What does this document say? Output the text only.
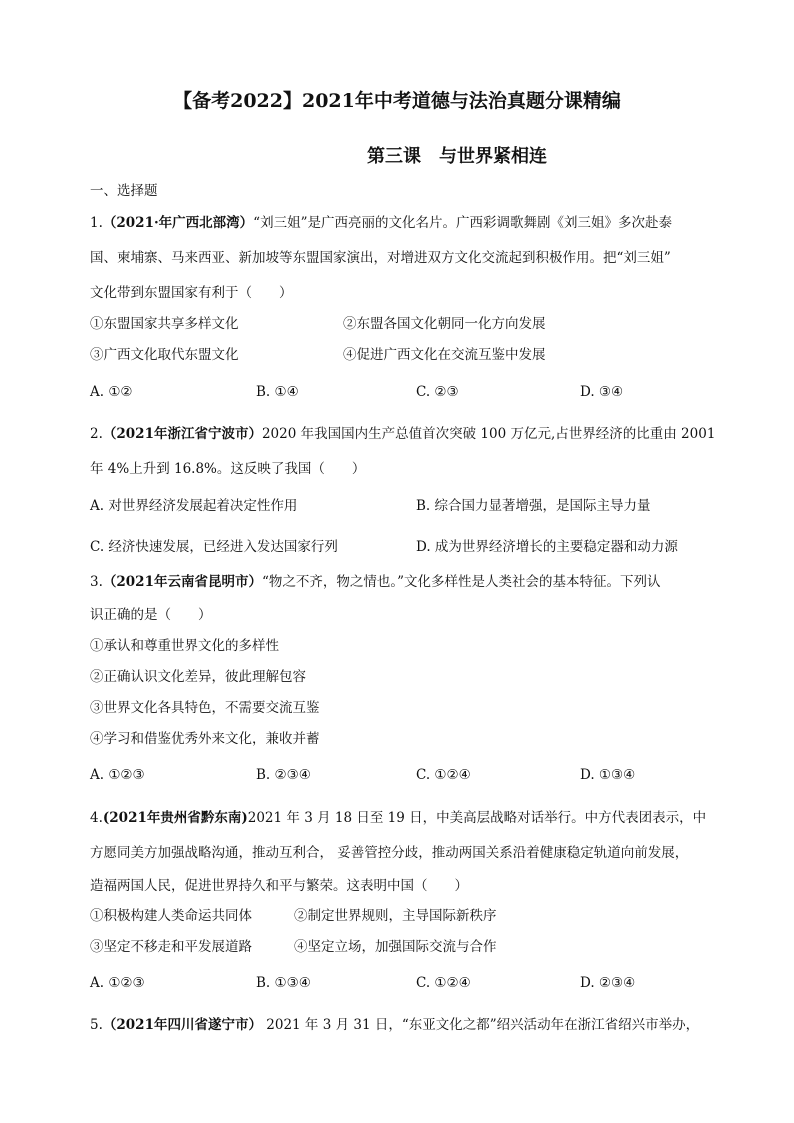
【备考2022】2021年中考道德与法治真题分课精编
第三课　与世界紧相连
一、选择题
1.（2021·年广西北部湾）“刘三姐”是广西亮丽的文化名片。广西彩调歌舞剧《刘三姐》多次赴泰
国、柬埔寨、马来西亚、新加坡等东盟国家演出，对增进双方文化交流起到积极作用。把“刘三姐”
文化带到东盟国家有利于（　　）
①东盟国家共享多样文化	②东盟各国文化朝同一化方向发展
③广西文化取代东盟文化	④促进广西文化在交流互鉴中发展
A. ①②	B. ①④	C. ②③	D. ③④
2.（2021年浙江省宁波市）2020 年我国国内生产总值首次突破 100 万亿元,占世界经济的比重由 2001
年 4%上升到 16.8%。这反映了我国（　　）
A. 对世界经济发展起着决定性作用	B. 综合国力显著增强，是国际主导力量
C. 经济快速发展，已经进入发达国家行列	D. 成为世界经济增长的主要稳定器和动力源
3.（2021年云南省昆明市）“物之不齐，物之情也。”文化多样性是人类社会的基本特征。下列认
识正确的是（　　）
①承认和尊重世界文化的多样性
②正确认识文化差异，彼此理解包容
③世界文化各具特色，不需要交流互鉴
④学习和借鉴优秀外来文化，兼收并蓄
A. ①②③	B. ②③④	C. ①②④	D. ①③④
4.(2021年贵州省黔东南)2021 年 3 月 18 日至 19 日，中美高层战略对话举行。中方代表团表示，中
方愿同美方加强战略沟通，推动互利合， 妥善管控分歧，推动两国关系沿着健康稳定轨道向前发展，
造福两国人民，促进世界持久和平与繁荣。这表明中国（　　）
①积极构建人类命运共同体	②制定世界规则，主导国际新秩序
③坚定不移走和平发展道路	④坚定立场，加强国际交流与合作
A. ①②③	B. ①③④	C. ①②④	D. ②③④
5.（2021年四川省遂宁市） 2021 年 3 月 31 日，“东亚文化之都”绍兴活动年在浙江省绍兴市举办，
